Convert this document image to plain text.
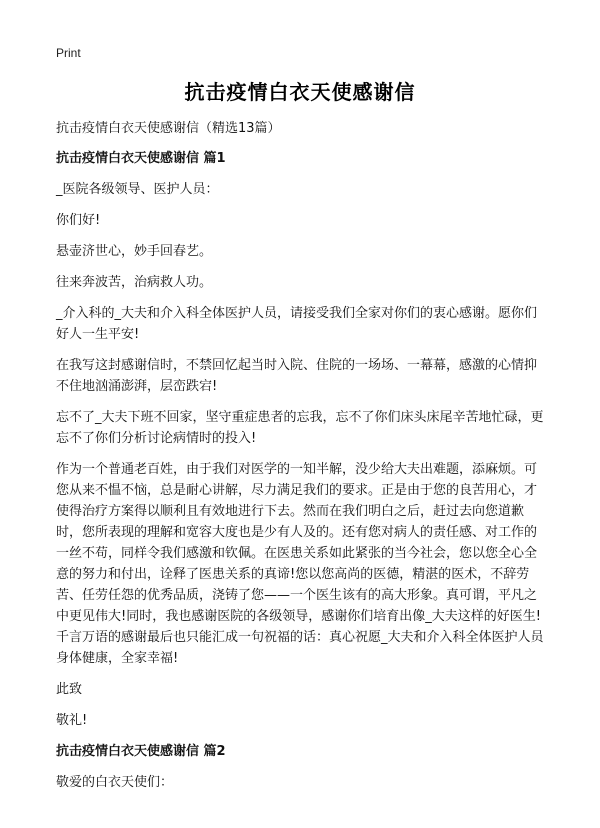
Print
抗击疫情白衣天使感谢信
抗击疫情白衣天使感谢信（精选13篇）
抗击疫情白衣天使感谢信 篇1
_医院各级领导、医护人员：
你们好!
悬壶济世心，妙手回春艺。
往来奔波苦，治病救人功。
_介入科的_大夫和介入科全体医护人员，请接受我们全家对你们的衷心感谢。愿你们好人一生平安!
在我写这封感谢信时，不禁回忆起当时入院、住院的一场场、一幕幕，感激的心情抑不住地汹涌澎湃，层峦跌宕!
忘不了_大夫下班不回家，坚守重症患者的忘我，忘不了你们床头床尾辛苦地忙碌，更忘不了你们分析讨论病情时的投入!
作为一个普通老百姓，由于我们对医学的一知半解，没少给大夫出难题，添麻烦。可您从来不愠不恼，总是耐心讲解，尽力满足我们的要求。正是由于您的良苦用心，才使得治疗方案得以顺利且有效地进行下去。然而在我们明白之后，赶过去向您道歉时，您所表现的理解和宽容大度也是少有人及的。还有您对病人的责任感、对工作的一丝不苟，同样令我们感激和钦佩。在医患关系如此紧张的当今社会，您以您全心全意的努力和付出，诠释了医患关系的真谛!您以您高尚的医德，精湛的医术，不辞劳苦、任劳任怨的优秀品质，浇铸了您——一个医生该有的高大形象。真可谓，平凡之中更见伟大!同时，我也感谢医院的各级领导，感谢你们培育出像_大夫这样的好医生!千言万语的感谢最后也只能汇成一句祝福的话：真心祝愿_大夫和介入科全体医护人员身体健康，全家幸福!
此致
敬礼!
抗击疫情白衣天使感谢信 篇2
敬爱的白衣天使们：
